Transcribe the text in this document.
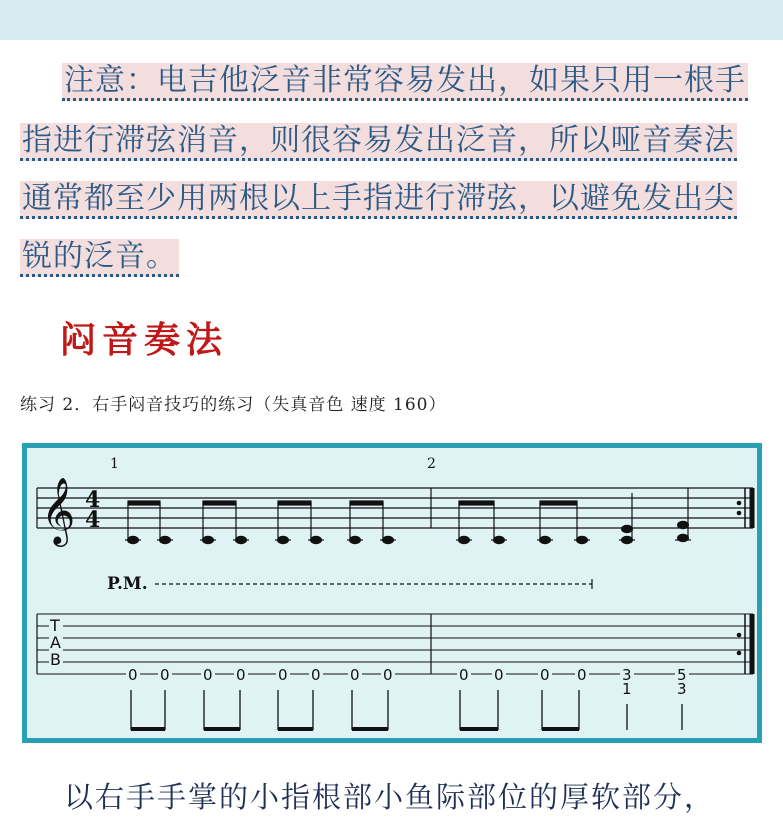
注意：电吉他泛音非常容易发出，如果只用一根手
指进行滞弦消音，则很容易发出泛音，所以哑音奏法
通常都至少用两根以上手指进行滞弦，以避免发出尖
锐的泛音。
闷音奏法
练习 2．右手闷音技巧的练习（失真音色 速度 160）
𝄞 4
4
1	2
P.M.
T
A
B
0 0 0 0 0 0 0 0	0 0 0 0 3	5
1	3
以右手手掌的小指根部小鱼际部位的厚软部分，
